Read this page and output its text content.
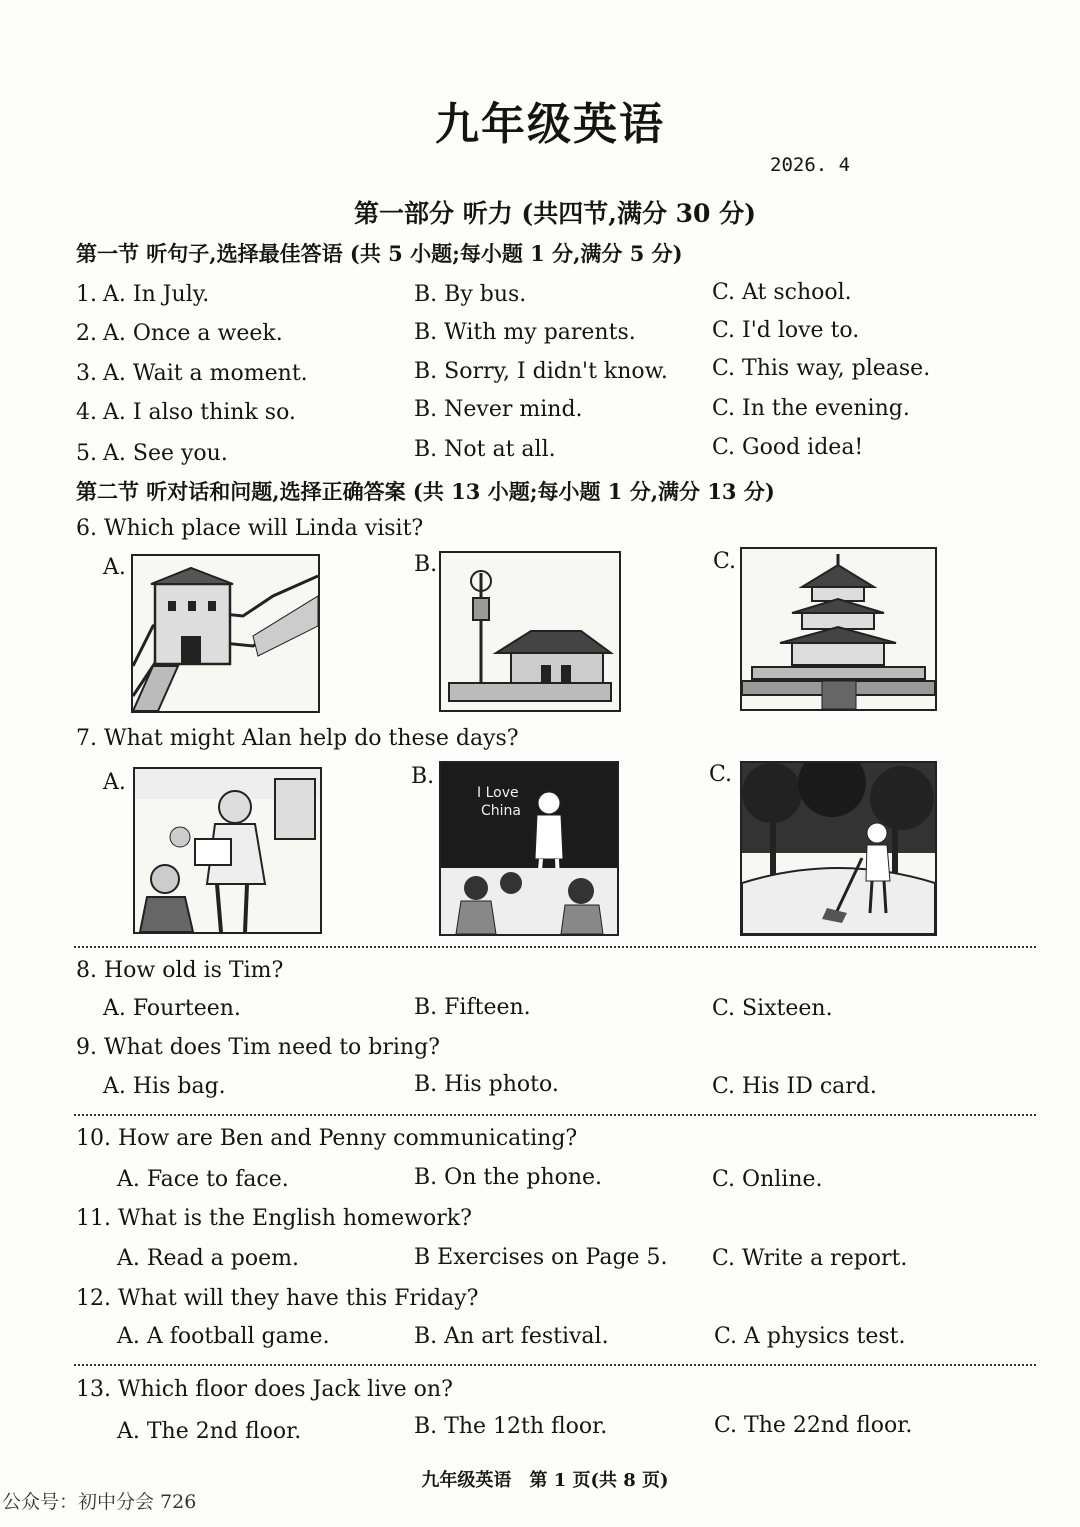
九年级英语
2026. 4
第一部分 听力 (共四节,满分 30 分)
第一节 听句子,选择最佳答语 (共 5 小题;每小题 1 分,满分 5 分)
1. A. In July.	B. By bus.	C. At school.
2. A. Once a week.	B. With my parents.	C. I'd love to.
3. A. Wait a moment.	B. Sorry, I didn't know. C. This way, please.
4. A. I also think so.	B. Never mind.	C. In the evening.
5. A. See you.	B. Not at all.	C. Good idea!
第二节 听对话和问题,选择正确答案 (共 13 小题;每小题 1 分,满分 13 分)
6. Which place will Linda visit?
A.	B.	C.
7. What might Alan help do these days?
A.	B.	C.
I Love
China
8. How old is Tim?
A. Fourteen.	B. Fifteen.	C. Sixteen.
9. What does Tim need to bring?
A. His bag.	B. His photo.	C. His ID card.
10. How are Ben and Penny communicating?
A. Face to face.	B. On the phone.	C. Online.
11. What is the English homework?
A. Read a poem.	B Exercises on Page 5. C. Write a report.
12. What will they have this Friday?
A. A football game.	B. An art festival.	C. A physics test.
13. Which floor does Jack live on?
A. The 2nd floor.	B. The 12th floor.	C. The 22nd floor.
九年级英语　第 1 页(共 8 页)
公众号：初中分会 726
